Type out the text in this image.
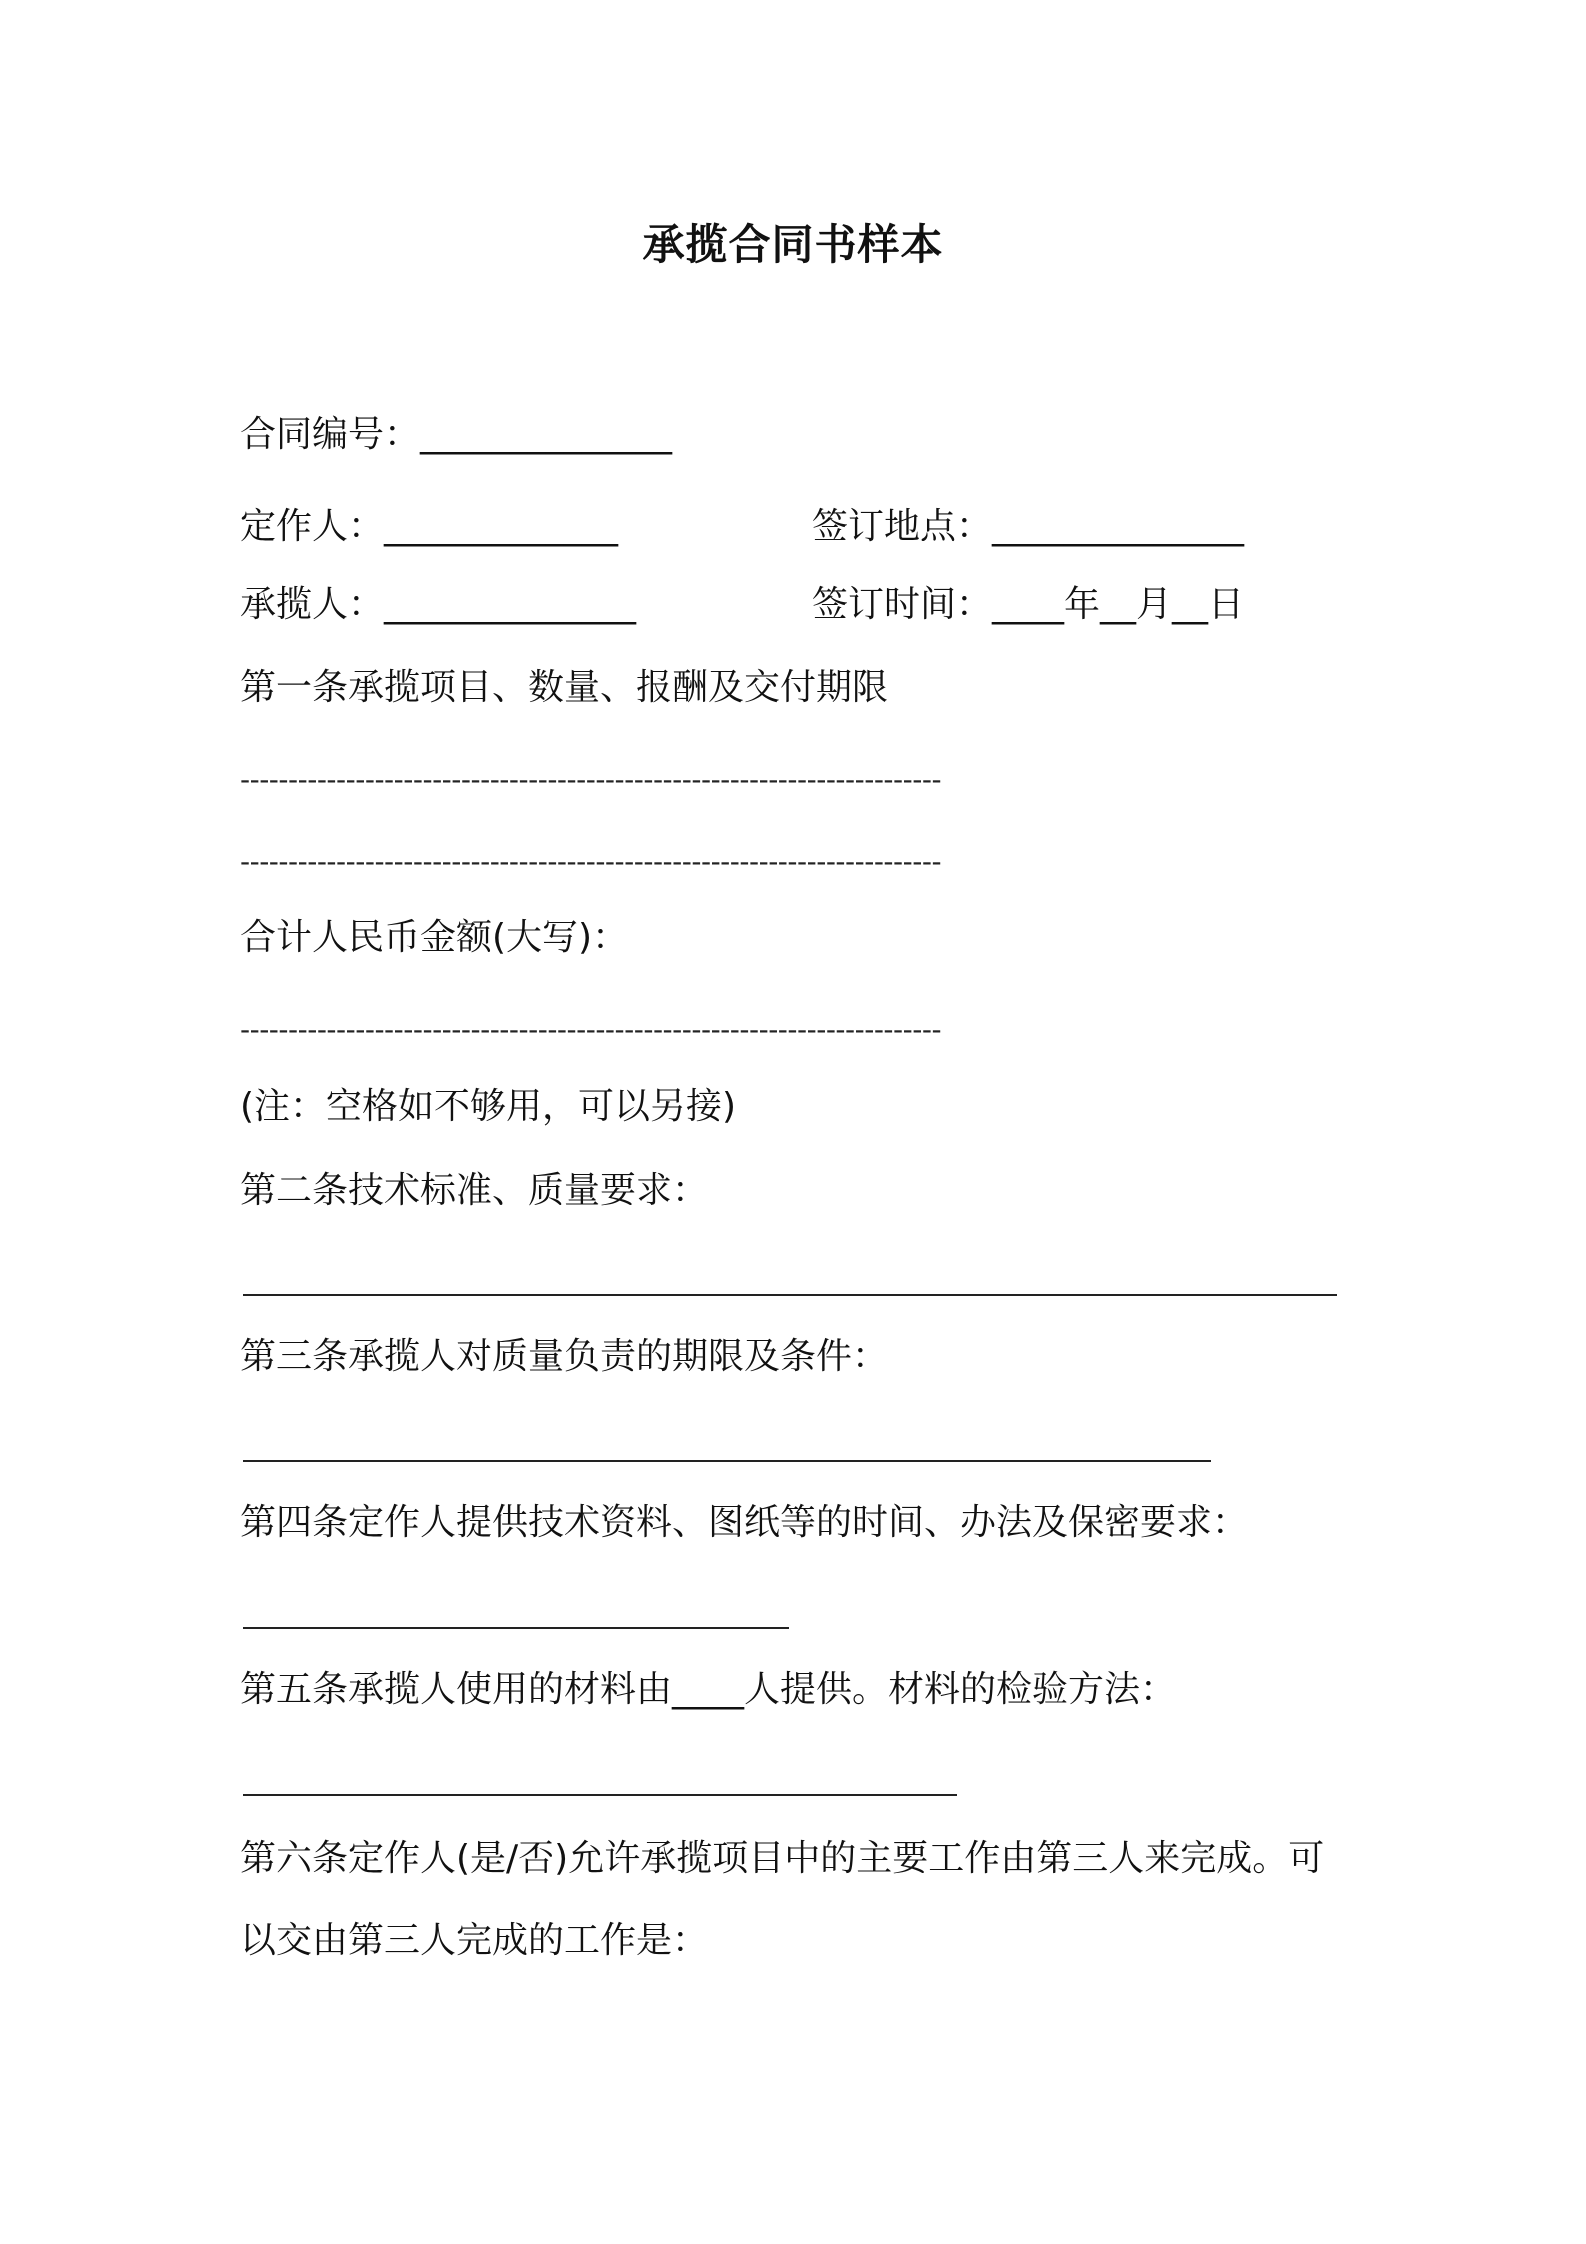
承揽合同书样本
合同编号：______________
定作人：_____________	签订地点：______________
承揽人：______________	签订时间：____年__月__日
第一条承揽项目、数量、报酬及交付期限
-------------------------------------------------------------------------
-------------------------------------------------------------------------
合计人民币金额(大写)：
-------------------------------------------------------------------------
(注：空格如不够用，可以另接)
第二条技术标准、质量要求：
第三条承揽人对质量负责的期限及条件：
第四条定作人提供技术资料、图纸等的时间、办法及保密要求：
第五条承揽人使用的材料由____人提供。材料的检验方法：
第六条定作人(是/否)允许承揽项目中的主要工作由第三人来完成。可
以交由第三人完成的工作是：
